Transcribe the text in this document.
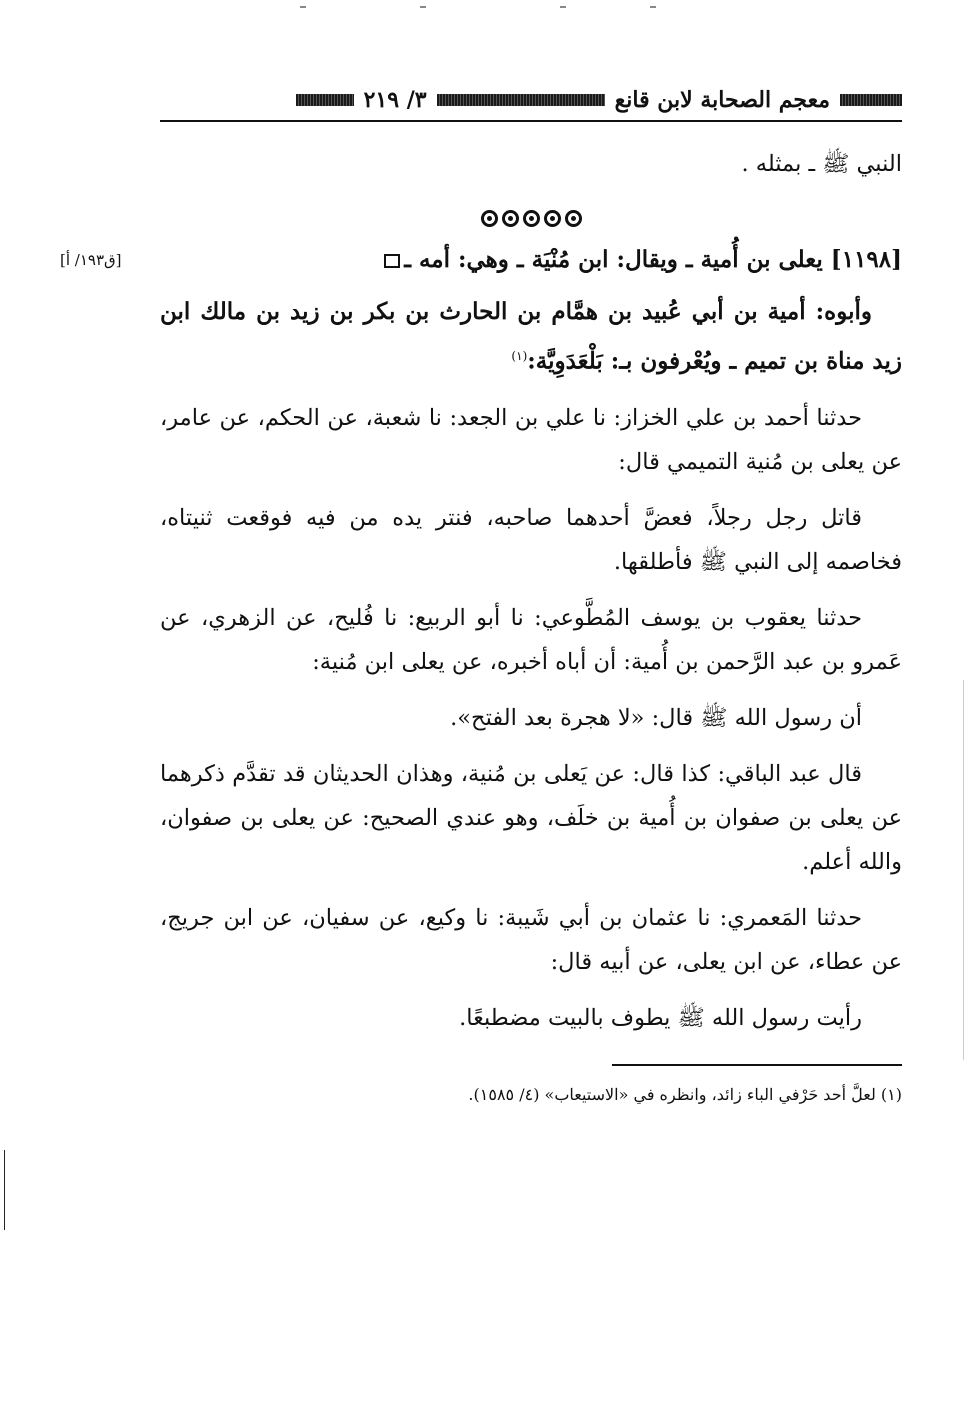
معجم الصحابة لابن قانع
٣/ ٢١٩

النبي ﷺ ـ بمثله .

[١١٩٨] يعلى بن أُمية ـ ويقال: ابن مُنْيَة ـ وهي: أمه ـ
[ق١٩٣/ أ]

وأبوه: أمية بن أبي عُبيد بن همَّام بن الحارث بن بكر بن زيد بن مالك ابن زيد مناة بن تميم ـ ويُعْرفون بـ: بَلْعَدَوِيَّة:$^{(١)}$

حدثنا أحمد بن علي الخزاز: نا علي بن الجعد: نا شعبة، عن الحكم، عن عامر، عن يعلى بن مُنية التميمي قال:

قاتل رجل رجلاً، فعضَّ أحدهما صاحبه، فنتر يده من فيه فوقعت ثنيتاه، فخاصمه إلى النبي ﷺ فأطلقها.

حدثنا يعقوب بن يوسف المُطَّوعي: نا أبو الربيع: نا فُليح، عن الزهري، عن عَمرو بن عبد الرَّحمن بن أُمية: أن أباه أخبره، عن يعلى ابن مُنية:

أن رسول الله ﷺ قال: «لا هجرة بعد الفتح».

قال عبد الباقي: كذا قال: عن يَعلى بن مُنية، وهذان الحديثان قد تقدَّم ذكرهما عن يعلى بن صفوان بن أُمية بن خلَف، وهو عندي الصحيح: عن يعلى بن صفوان، والله أعلم.

حدثنا المَعمري: نا عثمان بن أبي شَيبة: نا وكيع، عن سفيان، عن ابن جريج، عن عطاء، عن ابن يعلى، عن أبيه قال:

رأيت رسول الله ﷺ يطوف بالبيت مضطبعًا.

(١) لعلَّ أحد حَرْفي الباء زائد، وانظره في «الاستيعاب» (٤/ ١٥٨٥).
